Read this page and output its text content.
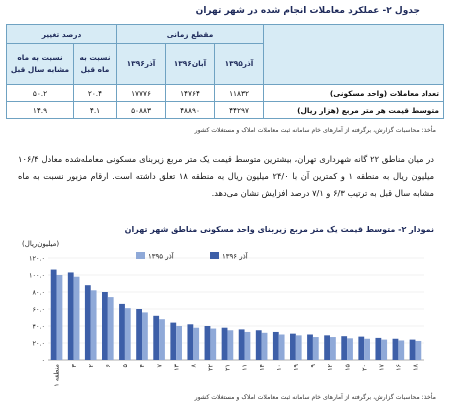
جدول ۲- عملکرد معاملات انجام شده در شهر تهران
	مقطع زمانی			درصد تغییر	
	آذر۱۳۹۵	آبان۱۳۹۶	آذر۱۳۹۶	نسبت به ماه قبل	نسبت به ماه مشابه سال قبل
تعداد معاملات (واحد مسکونی)	۱۱۸۳۲	۱۴۷۶۴	۱۷۷۷۶	۲۰.۴	۵۰.۲
متوسط قیمت هر متر مربع (هزار ریال)	۴۴۲۹۷	۴۸۸۹۰	۵۰۸۸۳	۴.۱	۱۴.۹
مأخذ: محاسبات گزارش، برگرفته از آمارهای خام سامانه ثبت معاملات املاک و مستغلات کشور
در میان مناطق ۲۲ گانه شهرداری تهران، بیشترین متوسط قیمت یک متر مربع زیربنای مسکونی معامله‌شده معادل ۱۰۶/۴ میلیون ریال به منطقه ۱ و کمترین آن با ۲۴/۰ میلیون ریال به منطقه ۱۸ تعلق داشته است. ارقام مزبور نسبت به ماه مشابه سال قبل به ترتیب ۶/۳ و ۷/۱ درصد افزایش نشان می‌دهد.
نمودار ۲- متوسط قیمت یک متر مربع زیربنای واحد مسکونی مناطق شهر تهران
(میلیون‌ریال)
۰
۲۰.۰
۴۰.۰
۶۰.۰
۸۰.۰
۱۰۰.۰
۱۲۰.۰
منطقه ۱ ۳ ۲ ۶ ۵ ۴ ۷ ۱۳ ۸ ۲۲ ۲۱ ۱۱ ۱۴ ۱۰ ۱۹ ۹ ۱۲ ۱۵ ۲۰ ۱۷ ۱۶ ۱۸
آذر ۱۳۹۶
آذر ۱۳۹۵
مأخذ: محاسبات گزارش، برگرفته از آمارهای خام سامانه ثبت معاملات املاک و مستغلات کشور
